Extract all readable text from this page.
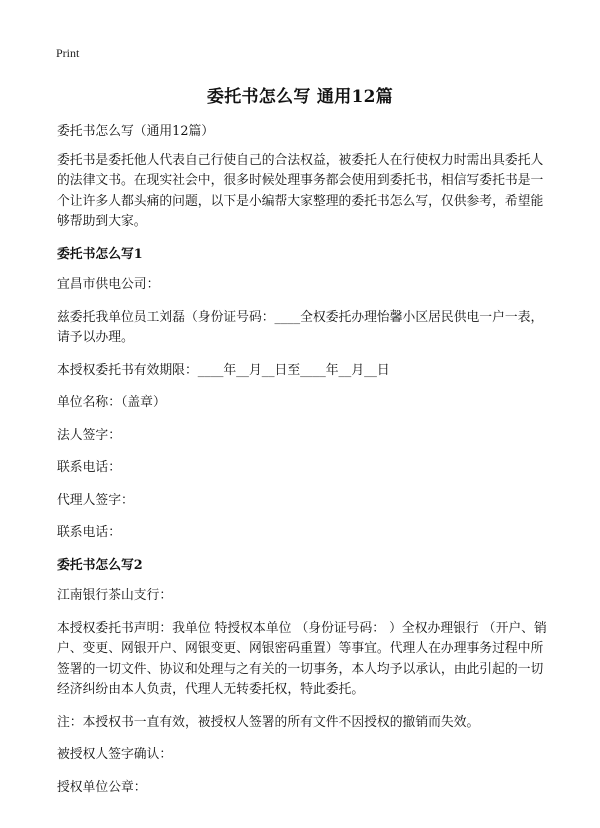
Print
委托书怎么写 通用12篇

委托书怎么写（通用12篇）

委托书是委托他人代表自己行使自己的合法权益，被委托人在行使权力时需出具委托人的法律文书。在现实社会中，很多时候处理事务都会使用到委托书，相信写委托书是一个让许多人都头痛的问题，以下是小编帮大家整理的委托书怎么写，仅供参考，希望能够帮助到大家。

委托书怎么写1

宜昌市供电公司：

兹委托我单位员工刘磊（身份证号码：____全权委托办理怡馨小区居民供电一户一表，请予以办理。

本授权委托书有效期限：____年__月__日至____年__月__日

单位名称：（盖章）

法人签字：

联系电话：

代理人签字：

联系电话：

委托书怎么写2

江南银行茶山支行：

本授权委托书声明：我单位 特授权本单位 （身份证号码： ）全权办理银行 （开户、销户、变更、网银开户、网银变更、网银密码重置）等事宜。代理人在办理事务过程中所签署的一切文件、协议和处理与之有关的一切事务，本人均予以承认，由此引起的一切经济纠纷由本人负责，代理人无转委托权，特此委托。

注：本授权书一直有效，被授权人签署的所有文件不因授权的撤销而失效。

被授权人签字确认：

授权单位公章：
